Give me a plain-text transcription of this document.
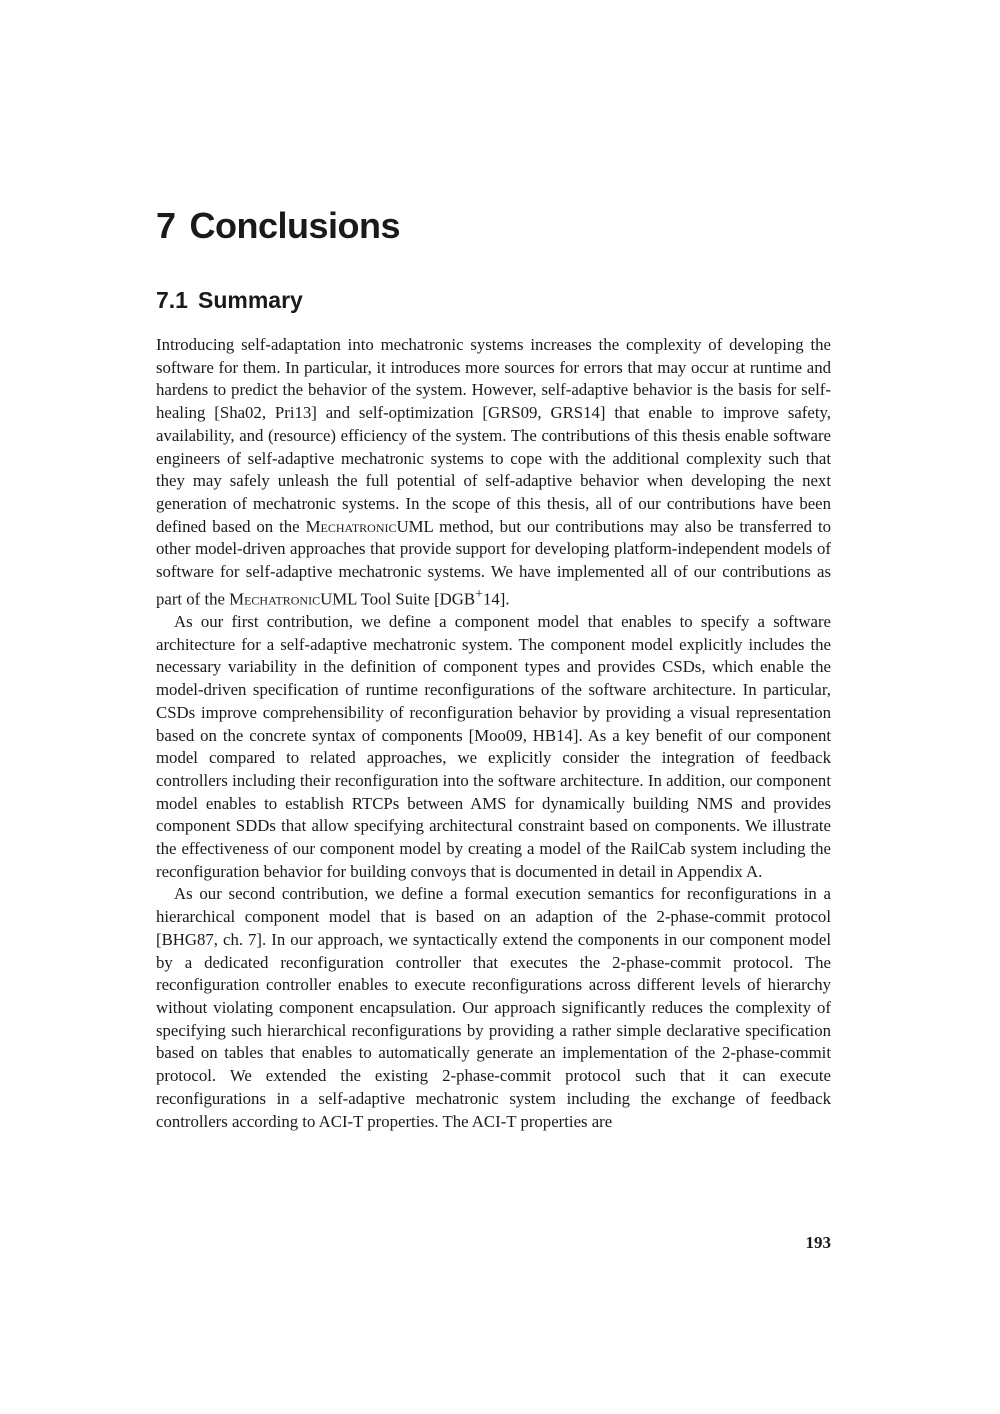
7 Conclusions
7.1 Summary

Introducing self-adaptation into mechatronic systems increases the complexity of developing the software for them. In particular, it introduces more sources for errors that may occur at runtime and hardens to predict the behavior of the system. However, self-adaptive behavior is the basis for self-healing [Sha02, Pri13] and self-optimization [GRS09, GRS14] that enable to improve safety, availability, and (resource) efficiency of the system. The contributions of this thesis enable software engineers of self-adaptive mechatronic systems to cope with the additional complexity such that they may safely unleash the full potential of self-adaptive behavior when developing the next generation of mechatronic systems. In the scope of this thesis, all of our contributions have been defined based on the MechatronicUML method, but our contributions may also be transferred to other model-driven approaches that provide support for developing platform-independent models of software for self-adaptive mechatronic systems. We have implemented all of our contributions as part of the MechatronicUML Tool Suite [DGB+14].

As our first contribution, we define a component model that enables to specify a software architecture for a self-adaptive mechatronic system. The component model explicitly includes the necessary variability in the definition of component types and provides CSDs, which enable the model-driven specification of runtime reconfigurations of the software architecture. In particular, CSDs improve comprehensibility of reconfiguration behavior by providing a visual representation based on the concrete syntax of components [Moo09, HB14]. As a key benefit of our component model compared to related approaches, we explicitly consider the integration of feedback controllers including their reconfiguration into the software architecture. In addition, our component model enables to establish RTCPs between AMS for dynamically building NMS and provides component SDDs that allow specifying architectural constraint based on components. We illustrate the effectiveness of our component model by creating a model of the RailCab system including the reconfiguration behavior for building convoys that is documented in detail in Appendix A.

As our second contribution, we define a formal execution semantics for reconfigurations in a hierarchical component model that is based on an adaption of the 2-phase-commit protocol [BHG87, ch. 7]. In our approach, we syntactically extend the components in our component model by a dedicated reconfiguration controller that executes the 2-phase-commit protocol. The reconfiguration controller enables to execute reconfigurations across different levels of hierarchy without violating component encapsulation. Our approach significantly reduces the complexity of specifying such hierarchical reconfigurations by providing a rather simple declarative specification based on tables that enables to automatically generate an implementation of the 2-phase-commit protocol. We extended the existing 2-phase-commit protocol such that it can execute reconfigurations in a self-adaptive mechatronic system including the exchange of feedback controllers according to ACI-T properties. The ACI-T properties are

193
